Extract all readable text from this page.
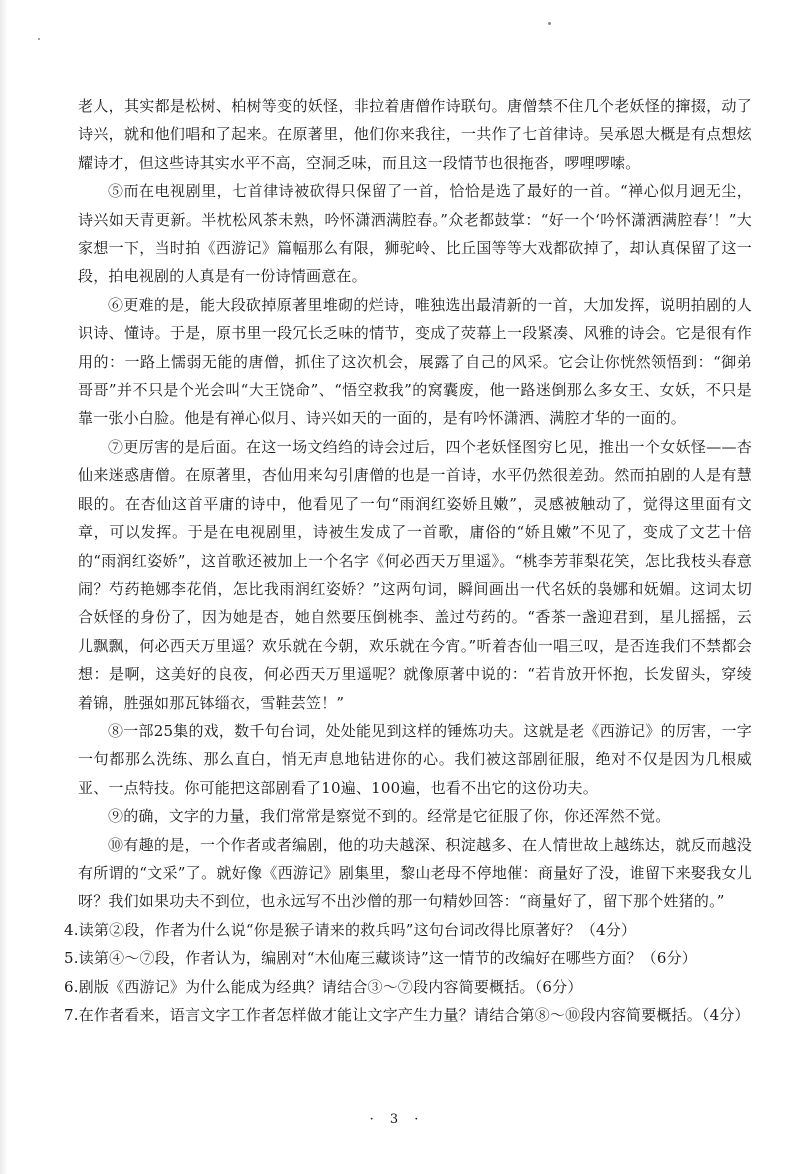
老人，其实都是松树、柏树等变的妖怪，非拉着唐僧作诗联句。唐僧禁不住几个老妖怪的撺掇，动了诗兴，就和他们唱和了起来。在原著里，他们你来我往，一共作了七首律诗。吴承恩大概是有点想炫耀诗才，但这些诗其实水平不高，空洞乏味，而且这一段情节也很拖沓，啰哩啰嗦。

⑤而在电视剧里，七首律诗被砍得只保留了一首，恰恰是选了最好的一首。“禅心似月迥无尘，诗兴如天青更新。半枕松风茶未熟，吟怀潇洒满腔春。”众老都鼓掌：“好一个‘吟怀潇洒满腔春’！”大家想一下，当时拍《西游记》篇幅那么有限，狮驼岭、比丘国等等大戏都砍掉了，却认真保留了这一段，拍电视剧的人真是有一份诗情画意在。

⑥更难的是，能大段砍掉原著里堆砌的烂诗，唯独选出最清新的一首，大加发挥，说明拍剧的人识诗、懂诗。于是，原书里一段冗长乏味的情节，变成了荧幕上一段紧凑、风雅的诗会。它是很有作用的：一路上懦弱无能的唐僧，抓住了这次机会，展露了自己的风采。它会让你恍然领悟到：“御弟哥哥”并不只是个光会叫“大王饶命”、“悟空救我”的窝囊废，他一路迷倒那么多女王、女妖，不只是靠一张小白脸。他是有禅心似月、诗兴如天的一面的，是有吟怀潇洒、满腔才华的一面的。

⑦更厉害的是后面。在这一场文绉绉的诗会过后，四个老妖怪图穷匕见，推出一个女妖怪——杏仙来迷惑唐僧。在原著里，杏仙用来勾引唐僧的也是一首诗，水平仍然很差劲。然而拍剧的人是有慧眼的。在杏仙这首平庸的诗中，他看见了一句“雨润红姿娇且嫩”，灵感被触动了，觉得这里面有文章，可以发挥。于是在电视剧里，诗被生发成了一首歌，庸俗的“娇且嫩”不见了，变成了文艺十倍的“雨润红姿娇”，这首歌还被加上一个名字《何必西天万里遥》。“桃李芳菲梨花笑，怎比我枝头春意闹？芍药艳娜李花俏，怎比我雨润红姿娇？”这两句词，瞬间画出一代名妖的袅娜和妩媚。这词太切合妖怪的身份了，因为她是杏，她自然要压倒桃李、盖过芍药的。“香茶一盏迎君到，星儿摇摇，云儿飘飘，何必西天万里遥？欢乐就在今朝，欢乐就在今宵。”听着杏仙一唱三叹，是否连我们不禁都会想：是啊，这美好的良夜，何必西天万里遥呢？就像原著中说的：“若肯放开怀抱，长发留头，穿绫着锦，胜强如那瓦钵缁衣，雪鞋芸笠！”

⑧一部25集的戏，数千句台词，处处能见到这样的锤炼功夫。这就是老《西游记》的厉害，一字一句都那么洗练、那么直白，悄无声息地钻进你的心。我们被这部剧征服，绝对不仅是因为几根威亚、一点特技。你可能把这部剧看了10遍、100遍，也看不出它的这份功夫。

⑨的确，文字的力量，我们常常是察觉不到的。经常是它征服了你，你还浑然不觉。

⑩有趣的是，一个作者或者编剧，他的功夫越深、积淀越多、在人情世故上越练达，就反而越没有所谓的“文采”了。就好像《西游记》剧集里，黎山老母不停地催：商量好了没，谁留下来娶我女儿呀？我们如果功夫不到位，也永远写不出沙僧的那一句精妙回答：“商量好了，留下那个姓猪的。”

4.读第②段，作者为什么说“你是猴子请来的救兵吗”这句台词改得比原著好？（4分）

5.读第④～⑦段，作者认为，编剧对“木仙庵三藏谈诗”这一情节的改编好在哪些方面？（6分）

6.剧版《西游记》为什么能成为经典？请结合③～⑦段内容简要概括。（6分）

7.在作者看来，语言文字工作者怎样做才能让文字产生力量？请结合第⑧～⑩段内容简要概括。（4分）

· 3 ·
